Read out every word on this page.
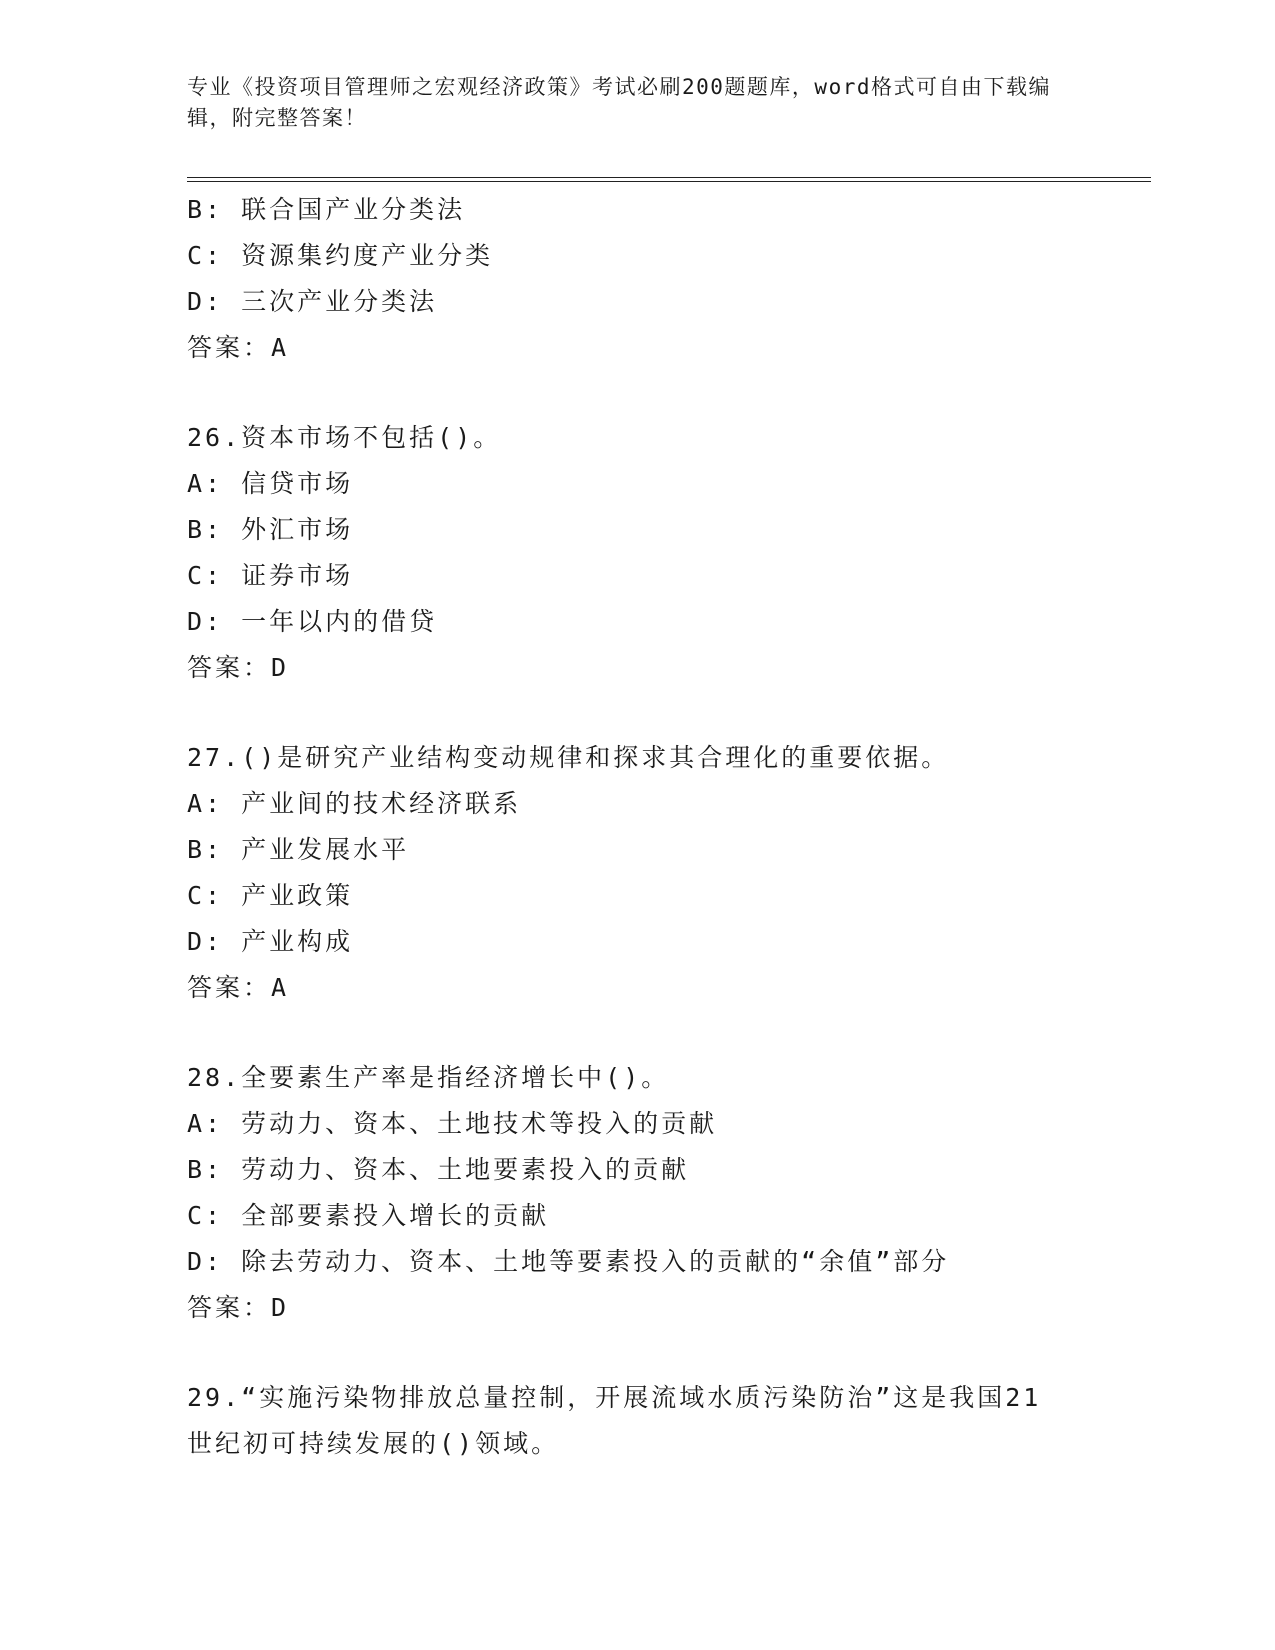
专业《投资项目管理师之宏观经济政策》考试必刷200题题库，word格式可自由下载编辑，附完整答案！
B: 联合国产业分类法
C: 资源集约度产业分类
D: 三次产业分类法
答案：A
26.资本市场不包括()。
A: 信贷市场
B: 外汇市场
C: 证券市场
D: 一年以内的借贷
答案：D
27.()是研究产业结构变动规律和探求其合理化的重要依据。
A: 产业间的技术经济联系
B: 产业发展水平
C: 产业政策
D: 产业构成
答案：A
28.全要素生产率是指经济增长中()。
A: 劳动力、资本、土地技术等投入的贡献
B: 劳动力、资本、土地要素投入的贡献
C: 全部要素投入增长的贡献
D: 除去劳动力、资本、土地等要素投入的贡献的“余值”部分
答案：D
29.“实施污染物排放总量控制，开展流域水质污染防治”这是我国21世纪初可持续发展的()领域。
